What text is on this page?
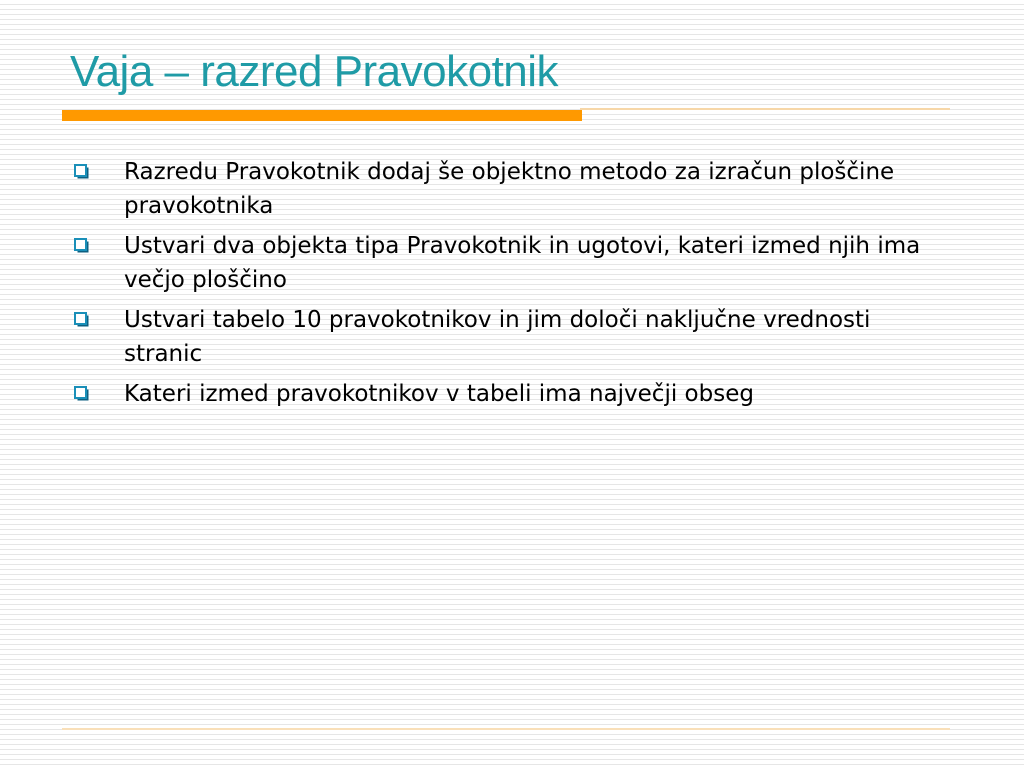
Vaja – razred Pravokotnik
Razredu Pravokotnik dodaj še objektno metodo za izračun ploščine pravokotnika
Ustvari dva objekta tipa Pravokotnik in ugotovi, kateri izmed njih ima večjo ploščino
Ustvari tabelo 10 pravokotnikov in jim določi naključne vrednosti stranic
Kateri izmed pravokotnikov v tabeli ima največji obseg
